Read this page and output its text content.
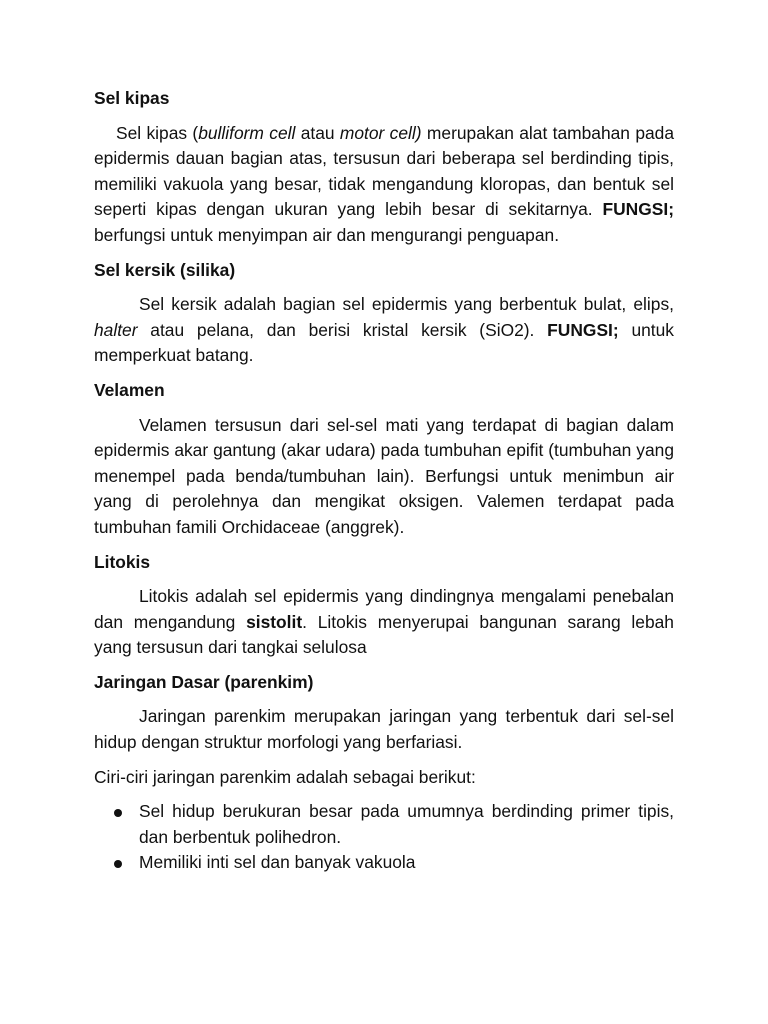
Sel kipas
Sel kipas (bulliform cell atau motor cell) merupakan alat tambahan pada epidermis dauan bagian atas, tersusun dari beberapa sel berdinding tipis, memiliki vakuola yang besar, tidak mengandung kloropas, dan bentuk sel seperti kipas dengan ukuran yang lebih besar di sekitarnya. FUNGSI; berfungsi untuk menyimpan air dan mengurangi penguapan.
Sel kersik (silika)
Sel kersik adalah bagian sel epidermis yang berbentuk bulat, elips, halter atau pelana, dan berisi kristal kersik (SiO2). FUNGSI; untuk memperkuat batang.
Velamen
Velamen tersusun dari sel-sel mati yang terdapat di bagian dalam epidermis akar gantung (akar udara) pada tumbuhan epifit (tumbuhan yang menempel pada benda/tumbuhan lain). Berfungsi untuk menimbun air yang di perolehnya dan mengikat oksigen. Valemen terdapat pada tumbuhan famili Orchidaceae (anggrek).
Litokis
Litokis adalah sel epidermis yang dindingnya mengalami penebalan dan mengandung sistolit. Litokis menyerupai bangunan sarang lebah yang tersusun dari tangkai selulosa
Jaringan Dasar (parenkim)
Jaringan parenkim merupakan jaringan yang terbentuk dari sel-sel hidup dengan struktur morfologi yang berfariasi.
Ciri-ciri jaringan parenkim adalah sebagai berikut:
Sel hidup berukuran besar pada umumnya berdinding primer tipis, dan berbentuk polihedron.
Memiliki inti sel dan banyak vakuola
